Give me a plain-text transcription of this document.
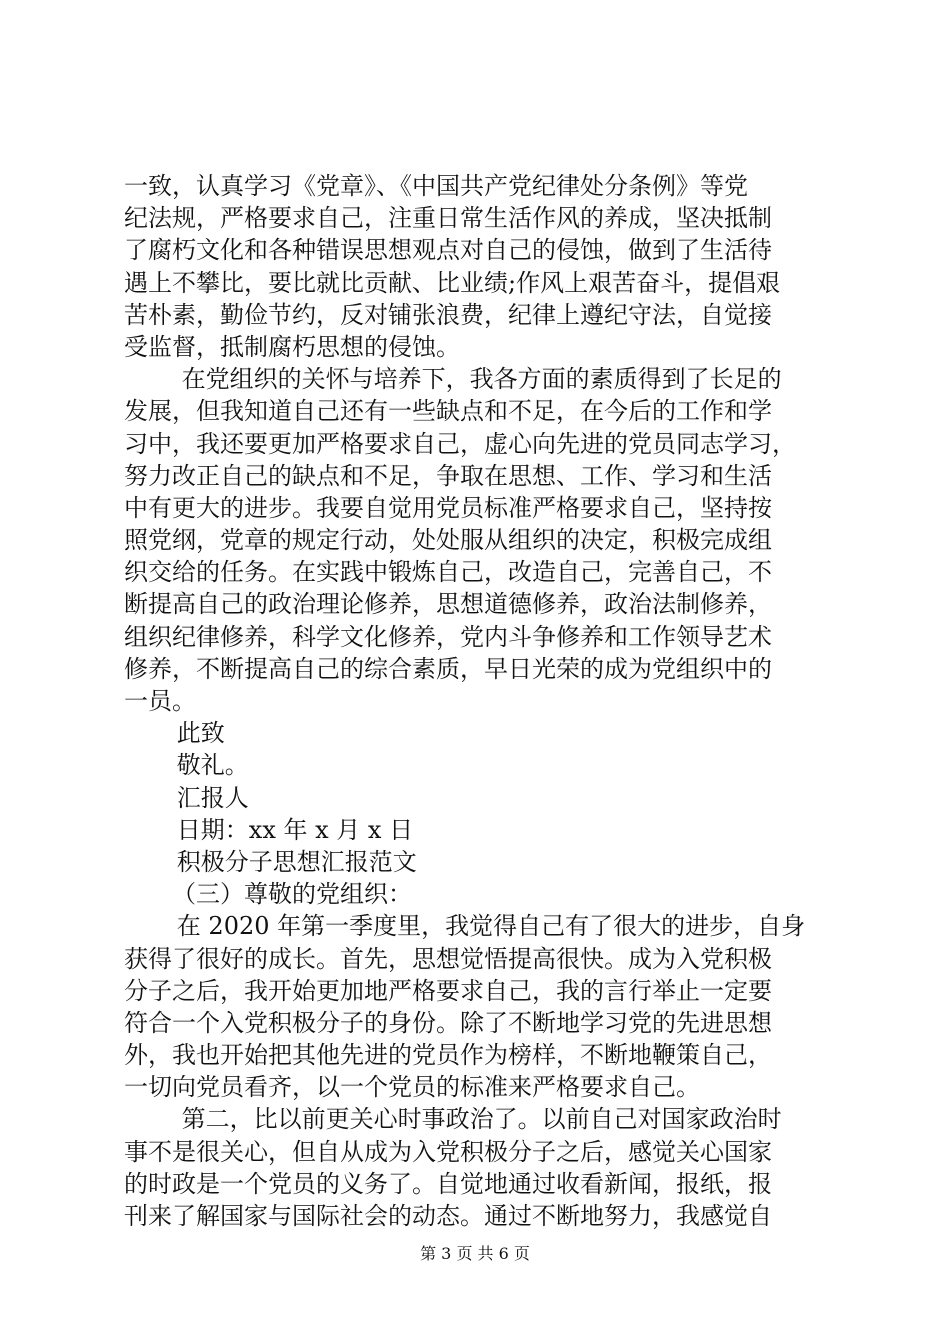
一致，认真学习《党章》、《中国共产党纪律处分条例》等党
纪法规，严格要求自己，注重日常生活作风的养成，坚决抵制
了腐朽文化和各种错误思想观点对自己的侵蚀，做到了生活待
遇上不攀比，要比就比贡献、比业绩;作风上艰苦奋斗，提倡艰
苦朴素，勤俭节约，反对铺张浪费，纪律上遵纪守法，自觉接
受监督，抵制腐朽思想的侵蚀。
在党组织的关怀与培养下，我各方面的素质得到了长足的
发展，但我知道自己还有一些缺点和不足，在今后的工作和学
习中，我还要更加严格要求自己，虚心向先进的党员同志学习，
努力改正自己的缺点和不足，争取在思想、工作、学习和生活
中有更大的进步。我要自觉用党员标准严格要求自己，坚持按
照党纲，党章的规定行动，处处服从组织的决定，积极完成组
织交给的任务。在实践中锻炼自己，改造自己，完善自己，不
断提高自己的政治理论修养，思想道德修养，政治法制修养，
组织纪律修养，科学文化修养，党内斗争修养和工作领导艺术
修养，不断提高自己的综合素质，早日光荣的成为党组织中的
一员。
此致
敬礼。
汇报人
日期：xx 年 x 月 x 日
积极分子思想汇报范文
（三）尊敬的党组织：
在 2020 年第一季度里，我觉得自己有了很大的进步，自身
获得了很好的成长。首先，思想觉悟提高很快。成为入党积极
分子之后，我开始更加地严格要求自己，我的言行举止一定要
符合一个入党积极分子的身份。除了不断地学习党的先进思想
外，我也开始把其他先进的党员作为榜样，不断地鞭策自己，
一切向党员看齐，以一个党员的标准来严格要求自己。
第二，比以前更关心时事政治了。以前自己对国家政治时
事不是很关心，但自从成为入党积极分子之后，感觉关心国家
的时政是一个党员的义务了。自觉地通过收看新闻，报纸，报
刊来了解国家与国际社会的动态。通过不断地努力，我感觉自
第 3 页 共 6 页
